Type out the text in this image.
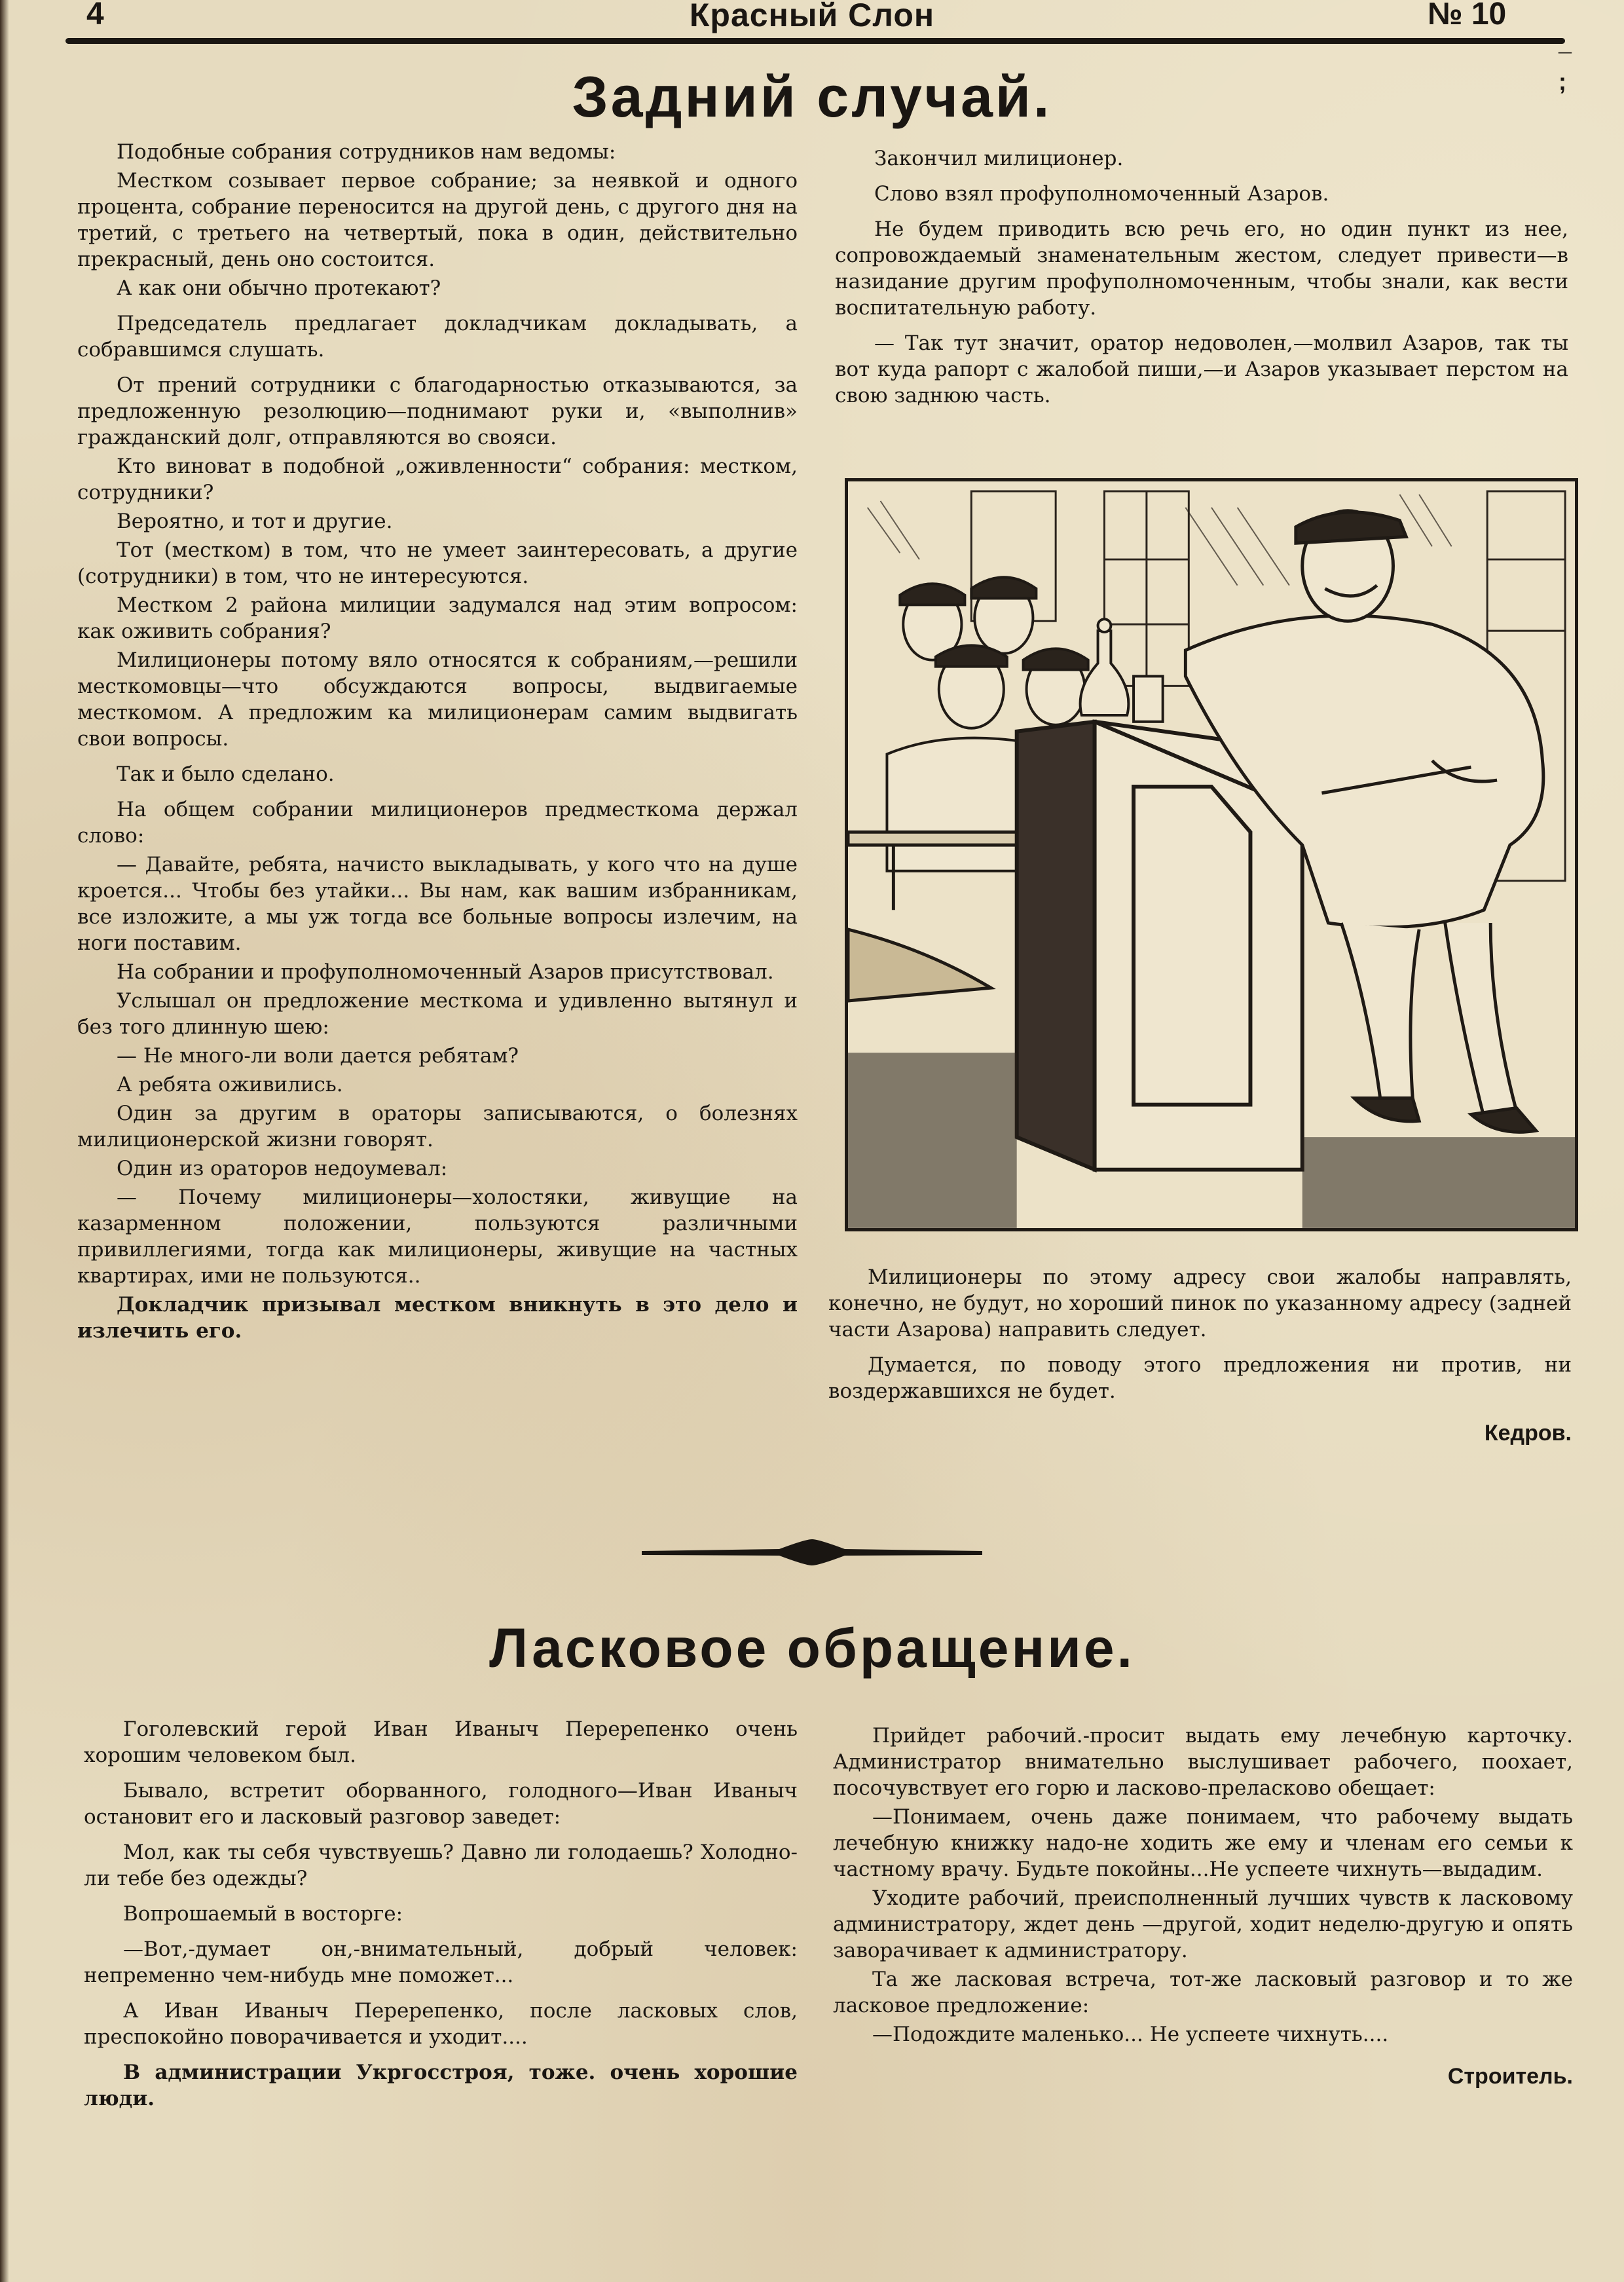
4	Красный Слон	№ 10
¯
;
Задний случай.

Подобные собрания сотрудников нам ведомы:

Местком созывает первое собрание; за неявкой и одного процента, собрание переносится на другой день, с другого дня на третий, с третьего на четвертый, пока в один, действительно прекрасный, день оно состоится.

А как они обычно протекают?

Председатель предлагает докладчикам докладывать, а собравшимся слушать.

От прений сотрудники с благодарностью отказываются, за предложенную резолюцию—поднимают руки и, «выполнив» гражданский долг, отправляются во свояси.

Кто виноват в подобной „оживленности“ собрания: местком, сотрудники?

Вероятно, и тот и другие.

Тот (местком) в том, что не умеет заинтересовать, а другие (сотрудники) в том, что не интересуются.

Местком 2 района милиции задумался над этим вопросом: как оживить собрания?

Милиционеры потому вяло относятся к собраниям,—решили месткомовцы—что обсуждаются вопросы, выдвигаемые месткомом. А предложим ка милиционерам самим выдвигать свои вопросы.

Так и было сделано.

На общем собрании милиционеров предместкома держал слово:

— Давайте, ребята, начисто выкладывать, у кого что на душе кроется... Чтобы без утайки... Вы нам, как вашим избранникам, все изложите, а мы уж тогда все больные вопросы излечим, на ноги поставим.

На собрании и профуполномоченный Азаров присутствовал.

Услышал он предложение месткома и удивленно вытянул и без того длинную шею:

— Не много-ли воли дается ребятам?

А ребята оживились.

Один за другим в ораторы записываются, о болезнях милиционерской жизни говорят.

Один из ораторов недоумевал:

— Почему милиционеры—холостяки, живущие на казарменном положении, пользуются различными привиллегиями, тогда как милиционеры, живущие на частных квартирах, ими не пользуются..

Докладчик призывал местком вникнуть в это дело и излечить его.

Закончил милиционер.

Слово взял профуполномоченный Азаров.

Не будем приводить всю речь его, но один пункт из нее, сопровождаемый знаменательным жестом, следует привести—в назидание другим профуполномоченным, чтобы знали, как вести воспитательную работу.

— Так тут значит, оратор недоволен,—молвил Азаров, так ты вот куда рапорт с жалобой пиши,—и Азаров указывает перстом на свою заднюю часть.

Милиционеры по этому адресу свои жалобы направлять, конечно, не будут, но хороший пинок по указанному адресу (задней части Азарова) направить следует.

Думается, по поводу этого предложения ни против, ни воздержавшихся не будет.

Кедров.

Ласковое обращение.

Гоголевский герой Иван Иваныч Перерепенко очень хорошим человеком был.

Бывало, встретит оборванного, голодного—Иван Иваныч остановит его и ласковый разговор заведет:

Мол, как ты себя чувствуешь? Давно ли голодаешь? Холодно-ли тебе без одежды?

Вопрошаемый в восторге:

—Вот,-думает он,-внимательный, добрый человек: непременно чем-нибудь мне поможет...

А Иван Иваныч Перерепенко, после ласковых слов, преспокойно поворачивается и уходит....

В администрации Укргосстроя, тоже. очень хорошие люди.

Прийдет рабочий.-просит выдать ему лечебную карточку. Администратор внимательно выслушивает рабочего, поохает, посочувствует его горю и ласково-преласково обещает:

—Понимаем, очень даже понимаем, что рабочему выдать лечебную книжку надо-не ходить же ему и членам его семьи к частному врачу. Будьте покойны...Не успеете чихнуть—выдадим.

Уходите рабочий, преисполненный лучших чувств к ласковому администратору, ждет день —другой, ходит неделю-другую и опять заворачивает к администратору.

Та же ласковая встреча, тот-же ласковый разговор и то же ласковое предложение:

—Подождите маленько... Не успеете чихнуть....

Строитель.
